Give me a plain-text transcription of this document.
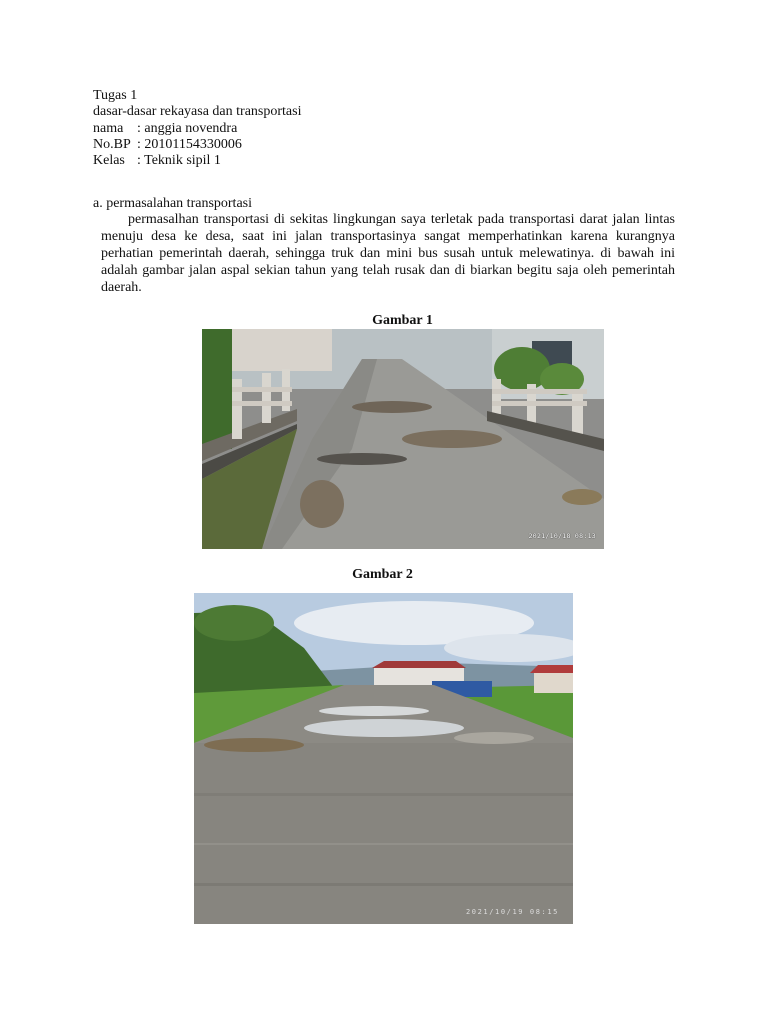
Tugas 1
dasar-dasar rekayasa dan transportasi
nama : anggia novendra
No.BP : 20101154330006
Kelas : Teknik sipil 1
a. permasalahan transportasi
permasalhan transportasi di sekitas lingkungan saya terletak pada transportasi darat jalan lintas menuju desa ke desa, saat ini jalan transportasinya sangat memperhatinkan karena kurangnya perhatian pemerintah daerah, sehingga truk dan mini bus susah untuk melewatinya. di bawah ini adalah gambar jalan aspal sekian tahun yang telah rusak dan di biarkan begitu saja oleh pemerintah daerah.
Gambar 1
2021/10/18 08:13
Gambar 2
2021/10/19 08:15
